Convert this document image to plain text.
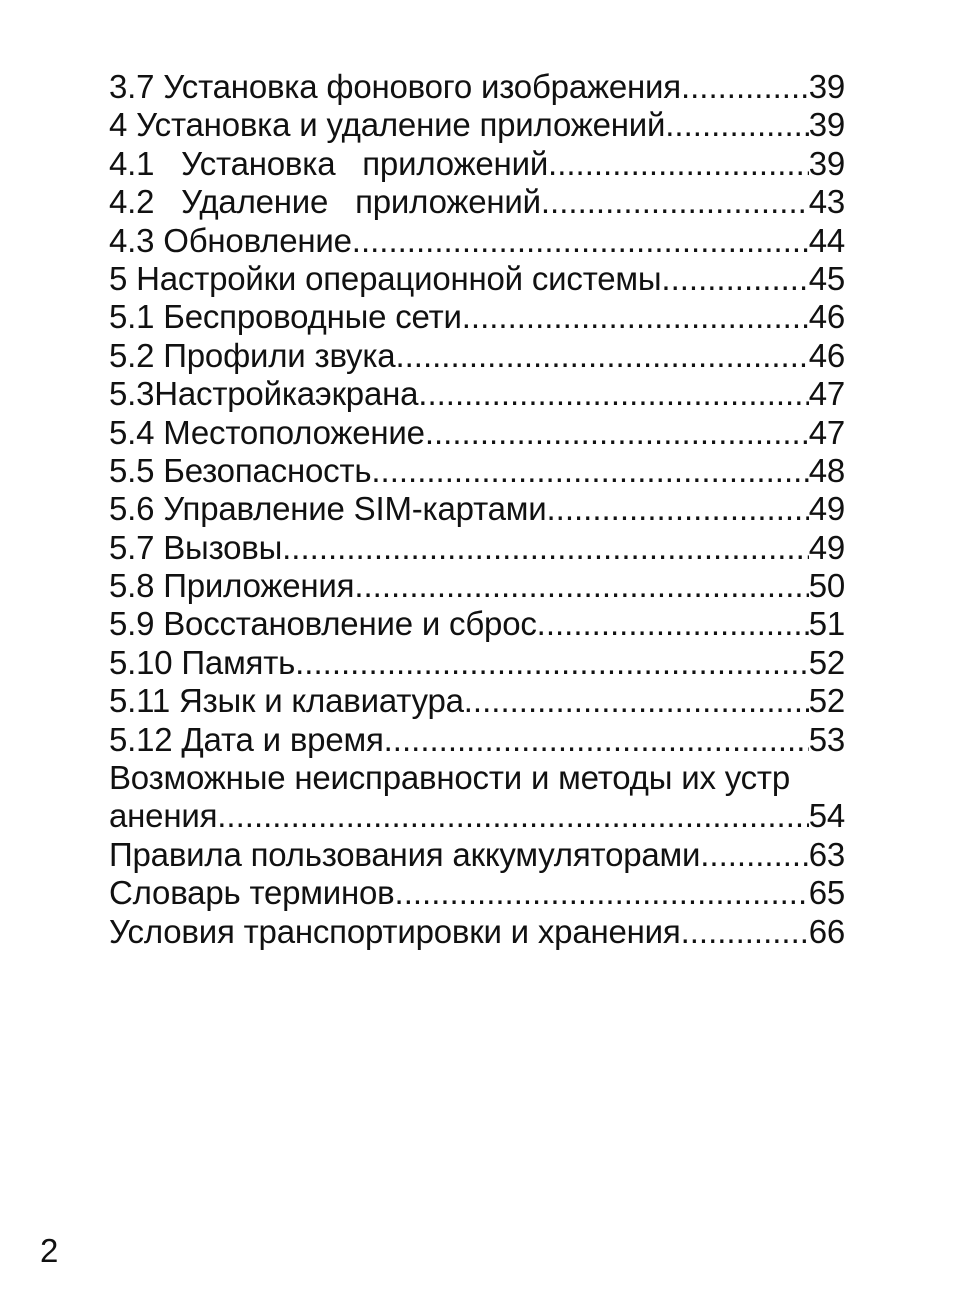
3.7 Установка фонового изображения .....	39
4 Установка и удаление приложений .....	39
4.1   Установка   приложений .....	39
4.2   Удаление   приложений .....	43
4.3 Обновление .....	44
5 Настройки операционной системы .....	45
5.1 Беспроводные сети .....	46
5.2 Профили звука .....	46
5.3Настройкаэкрана .....	47
5.4 Местоположение .....	47
5.5 Безопасность .....	48
5.6 Управление SIM-картами .....	49
5.7 Вызовы .....	49
5.8 Приложения .....	50
5.9 Восстановление и сброс .....	51
5.10 Память .....	52
5.11 Язык и клавиатура .....	52
5.12 Дата и время .....	53
Возможные неисправности и методы их устр
анения .....	54
Правила пользования аккумуляторами .....	63
Словарь терминов .....	65
Условия транспортировки и хранения .....	66
2
